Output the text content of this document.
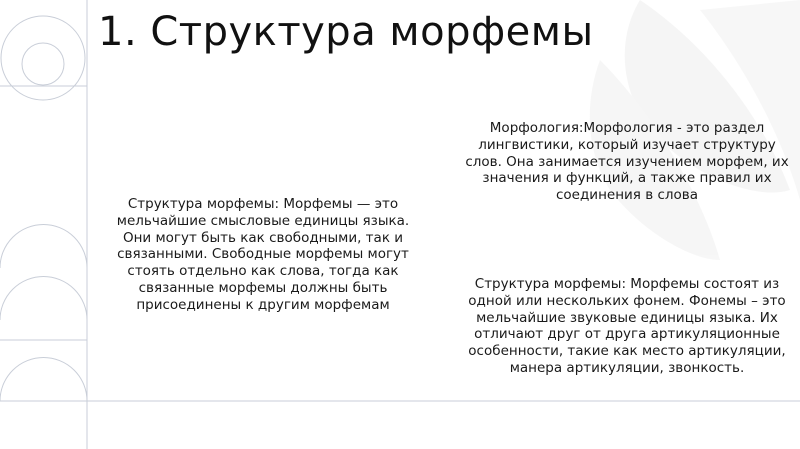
1. Структура морфемы

Структура морфемы: Морфемы — это мельчайшие смысловые единицы языка. Они могут быть как свободными, так и связанными. Свободные морфемы могут стоять отдельно как слова, тогда как связанные морфемы должны быть присоединены к другим морфемам

Морфология:Морфология - это раздел лингвистики, который изучает структуру слов. Она занимается изучением морфем, их значения и функций, а также правил их соединения в слова

Структура морфемы: Морфемы состоят из одной или нескольких фонем. Фонемы – это мельчайшие звуковые единицы языка. Их отличают друг от друга артикуляционные особенности, такие как место артикуляции, манера артикуляции, звонкость.
